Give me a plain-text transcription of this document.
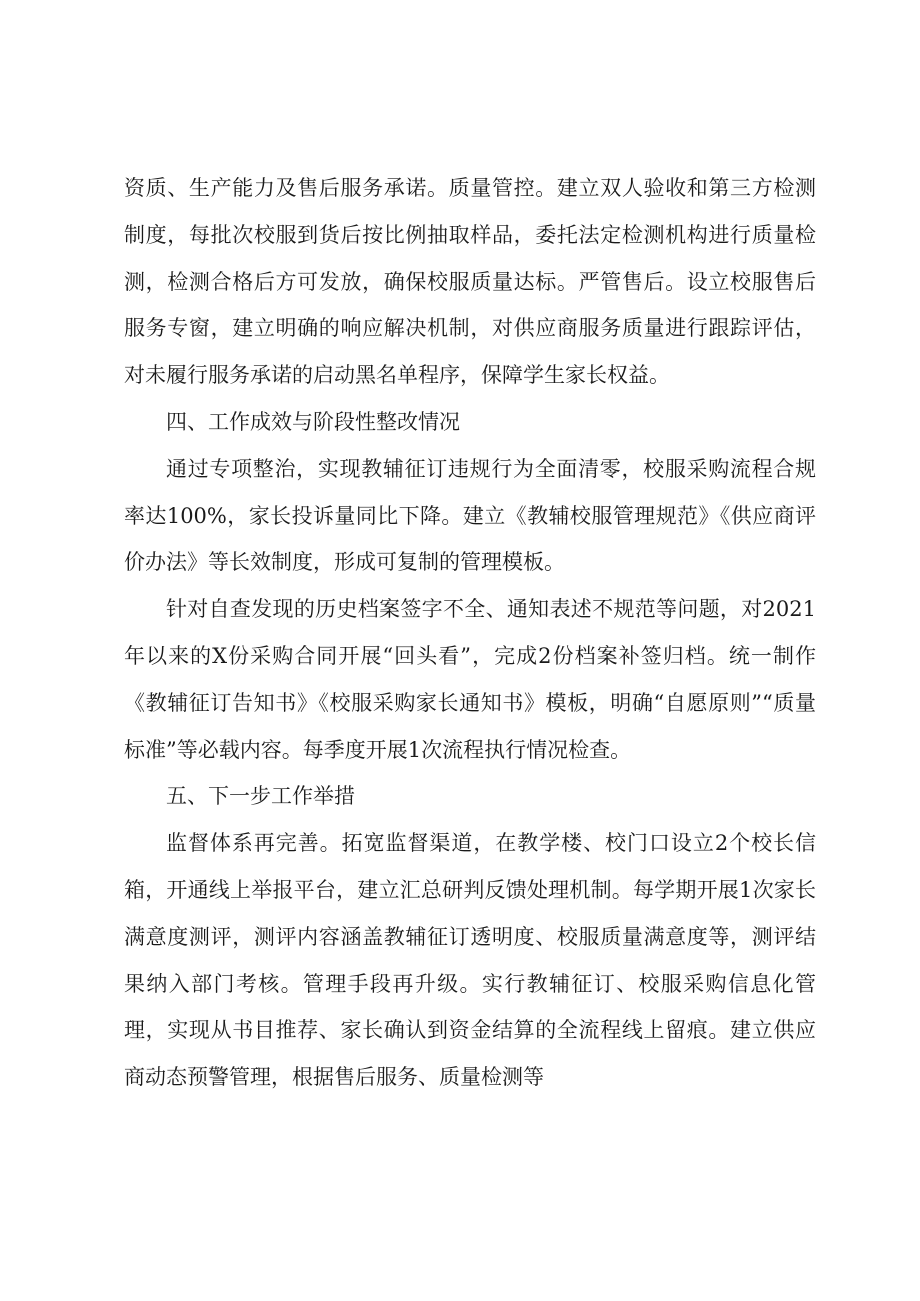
资质、生产能力及售后服务承诺。质量管控。建立双人验收和第三方检测制度，每批次校服到货后按比例抽取样品，委托法定检测机构进行质量检测，检测合格后方可发放，确保校服质量达标。严管售后。设立校服售后服务专窗，建立明确的响应解决机制，对供应商服务质量进行跟踪评估，对未履行服务承诺的启动黑名单程序，保障学生家长权益。

四、工作成效与阶段性整改情况

通过专项整治，实现教辅征订违规行为全面清零，校服采购流程合规率达100%，家长投诉量同比下降。建立《教辅校服管理规范》《供应商评价办法》等长效制度，形成可复制的管理模板。

针对自查发现的历史档案签字不全、通知表述不规范等问题，对2021年以来的X份采购合同开展“回头看”，完成2份档案补签归档。统一制作《教辅征订告知书》《校服采购家长通知书》模板，明确“自愿原则”“质量标准”等必载内容。每季度开展1次流程执行情况检查。

五、下一步工作举措

监督体系再完善。拓宽监督渠道，在教学楼、校门口设立2个校长信箱，开通线上举报平台，建立汇总研判反馈处理机制。每学期开展1次家长满意度测评，测评内容涵盖教辅征订透明度、校服质量满意度等，测评结果纳入部门考核。管理手段再升级。实行教辅征订、校服采购信息化管理，实现从书目推荐、家长确认到资金结算的全流程线上留痕。建立供应商动态预警管理，根据售后服务、质量检测等
